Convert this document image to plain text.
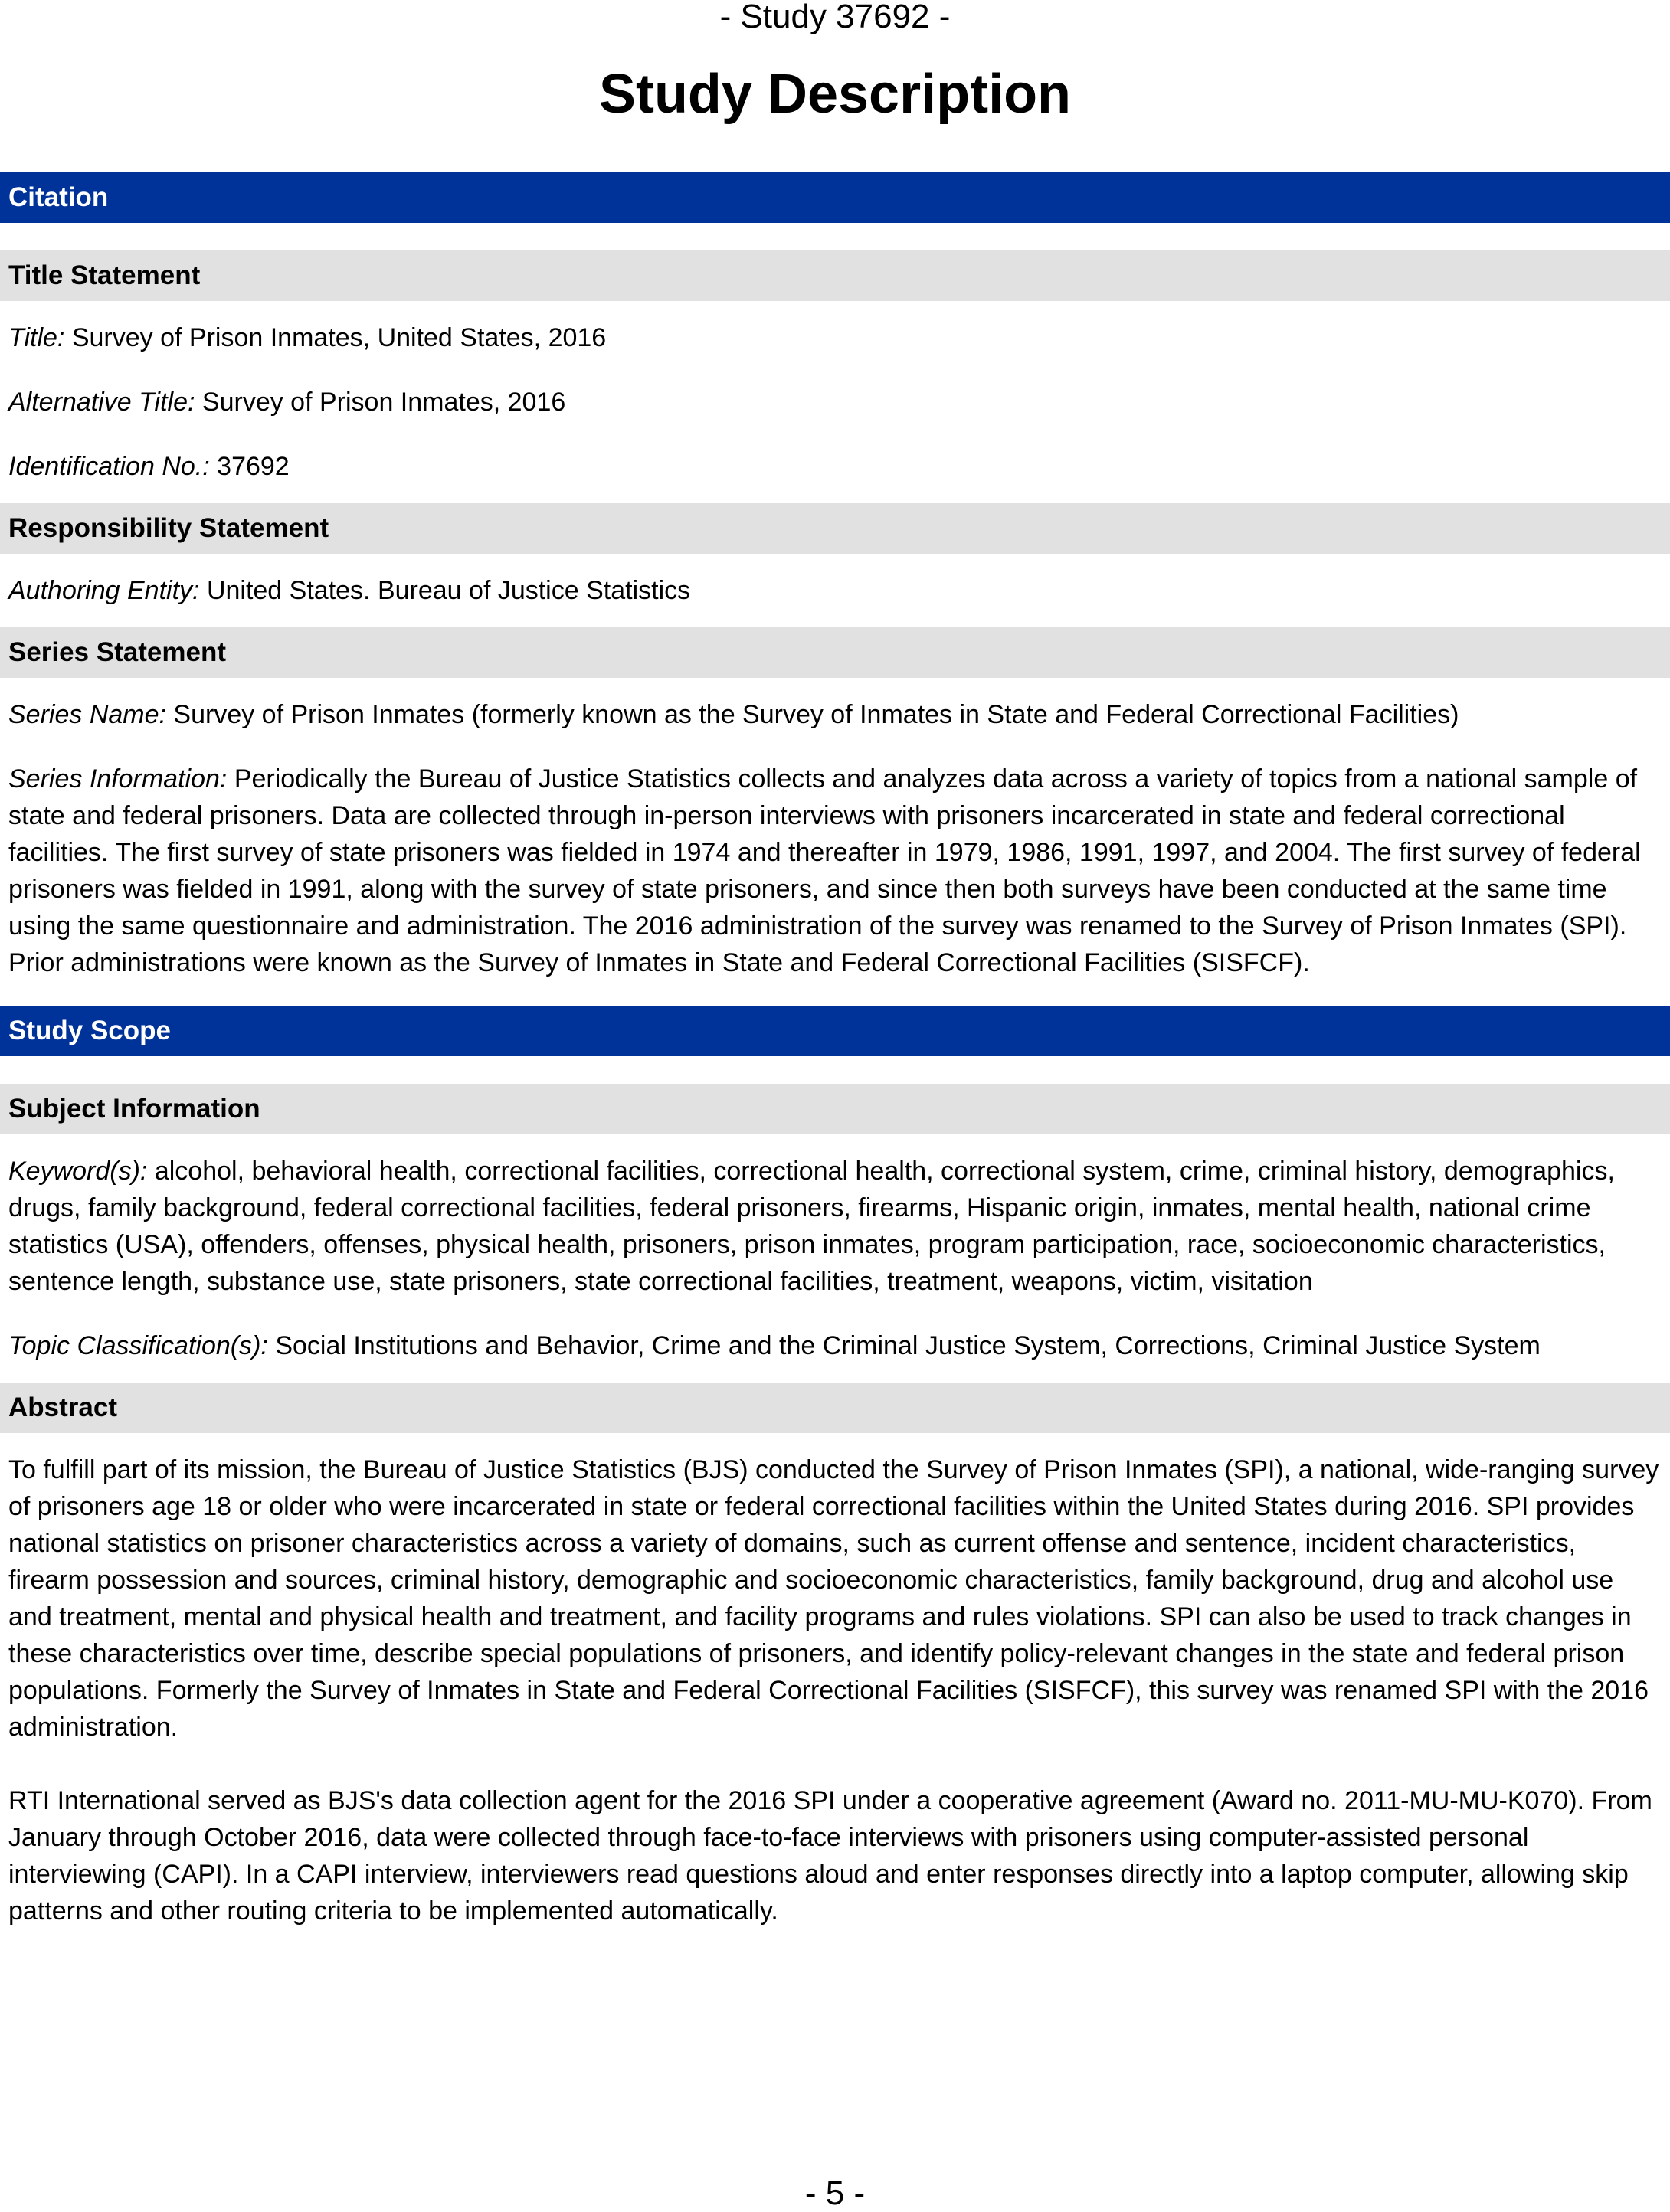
- Study 37692 -
Study Description
Citation
Title Statement
Title: Survey of Prison Inmates, United States, 2016
Alternative Title: Survey of Prison Inmates, 2016
Identification No.: 37692
Responsibility Statement
Authoring Entity: United States. Bureau of Justice Statistics
Series Statement
Series Name: Survey of Prison Inmates (formerly known as the Survey of Inmates in State and Federal Correctional Facilities)
Series Information: Periodically the Bureau of Justice Statistics collects and analyzes data across a variety of topics from a national sample of state and federal prisoners. Data are collected through in-person interviews with prisoners incarcerated in state and federal correctional facilities. The first survey of state prisoners was fielded in 1974 and thereafter in 1979, 1986, 1991, 1997, and 2004. The first survey of federal prisoners was fielded in 1991, along with the survey of state prisoners, and since then both surveys have been conducted at the same time using the same questionnaire and administration. The 2016 administration of the survey was renamed to the Survey of Prison Inmates (SPI). Prior administrations were known as the Survey of Inmates in State and Federal Correctional Facilities (SISFCF).
Study Scope
Subject Information
Keyword(s): alcohol, behavioral health, correctional facilities, correctional health, correctional system, crime, criminal history, demographics, drugs, family background, federal correctional facilities, federal prisoners, firearms, Hispanic origin, inmates, mental health, national crime statistics (USA), offenders, offenses, physical health, prisoners, prison inmates, program participation, race, socioeconomic characteristics, sentence length, substance use, state prisoners, state correctional facilities, treatment, weapons, victim, visitation
Topic Classification(s): Social Institutions and Behavior, Crime and the Criminal Justice System, Corrections, Criminal Justice System
Abstract
To fulfill part of its mission, the Bureau of Justice Statistics (BJS) conducted the Survey of Prison Inmates (SPI), a national, wide-ranging survey of prisoners age 18 or older who were incarcerated in state or federal correctional facilities within the United States during 2016. SPI provides national statistics on prisoner characteristics across a variety of domains, such as current offense and sentence, incident characteristics, firearm possession and sources, criminal history, demographic and socioeconomic characteristics, family background, drug and alcohol use and treatment, mental and physical health and treatment, and facility programs and rules violations. SPI can also be used to track changes in these characteristics over time, describe special populations of prisoners, and identify policy-relevant changes in the state and federal prison populations. Formerly the Survey of Inmates in State and Federal Correctional Facilities (SISFCF), this survey was renamed SPI with the 2016 administration.
RTI International served as BJS's data collection agent for the 2016 SPI under a cooperative agreement (Award no. 2011-MU-MU-K070). From January through October 2016, data were collected through face-to-face interviews with prisoners using computer-assisted personal interviewing (CAPI). In a CAPI interview, interviewers read questions aloud and enter responses directly into a laptop computer, allowing skip patterns and other routing criteria to be implemented automatically.
- 5 -
